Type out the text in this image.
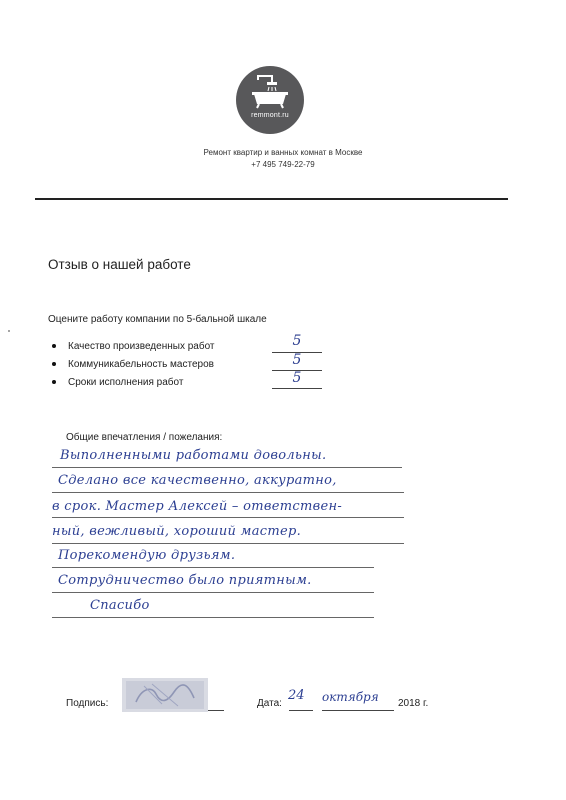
remmont.ru
Ремонт квартир и ванных комнат в Москве
+7 495 749-22-79
Отзыв о нашей работе
Оцените работу компании по 5-бальной шкале
Качество произведенных работ	5
Коммуникабельность мастеров	5
Сроки исполнения работ	5
Общие впечатления / пожелания:
Выполненными работами довольны.
Сделано все качественно, аккуратно,
в срок. Мастер Алексей – ответствен-
ный, вежливый, хороший мастер.
Порекомендую друзьям.
Сотрудничество было приятным.
Спасибо
Подпись:	Дата:
24 октября 2018 г.
